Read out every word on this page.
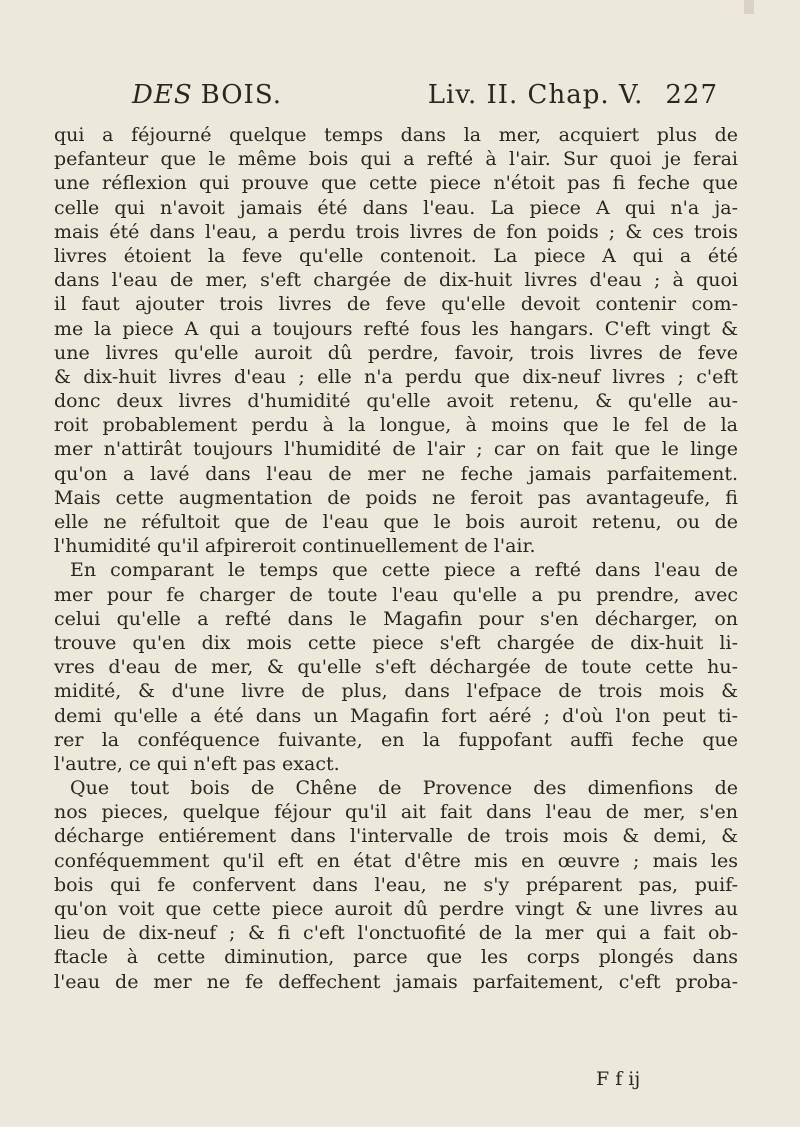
DES BOIS.	Liv. II. Chap. V. 227
qui a féjourné quelque temps dans la mer, acquiert plus de
pefanteur que le même bois qui a refté à l'air. Sur quoi je ferai
une réflexion qui prouve que cette piece n'étoit pas fi feche que
celle qui n'avoit jamais été dans l'eau. La piece A qui n'a ja-
mais été dans l'eau, a perdu trois livres de fon poids ; & ces trois
livres étoient la feve qu'elle contenoit. La piece A qui a été
dans l'eau de mer, s'eft chargée de dix-huit livres d'eau ; à quoi
il faut ajouter trois livres de feve qu'elle devoit contenir com-
me la piece A qui a toujours refté fous les hangars. C'eft vingt &
une livres qu'elle auroit dû perdre, favoir, trois livres de feve
& dix-huit livres d'eau ; elle n'a perdu que dix-neuf livres ; c'eft
donc deux livres d'humidité qu'elle avoit retenu, & qu'elle au-
roit probablement perdu à la longue, à moins que le fel de la
mer n'attirât toujours l'humidité de l'air ; car on fait que le linge
qu'on a lavé dans l'eau de mer ne feche jamais parfaitement.
Mais cette augmentation de poids ne feroit pas avantageufe, fi
elle ne réfultoit que de l'eau que le bois auroit retenu, ou de
l'humidité qu'il afpireroit continuellement de l'air.
En comparant le temps que cette piece a refté dans l'eau de
mer pour fe charger de toute l'eau qu'elle a pu prendre, avec
celui qu'elle a refté dans le Magafin pour s'en décharger, on
trouve qu'en dix mois cette piece s'eft chargée de dix-huit li-
vres d'eau de mer, & qu'elle s'eft déchargée de toute cette hu-
midité, & d'une livre de plus, dans l'efpace de trois mois &
demi qu'elle a été dans un Magafin fort aéré ; d'où l'on peut ti-
rer la conféquence fuivante, en la fuppofant auffi feche que
l'autre, ce qui n'eft pas exact.
Que tout bois de Chêne de Provence des dimenfions de
nos pieces, quelque féjour qu'il ait fait dans l'eau de mer, s'en
décharge entiérement dans l'intervalle de trois mois & demi, &
conféquemment qu'il eft en état d'être mis en œuvre ; mais les
bois qui fe confervent dans l'eau, ne s'y préparent pas, puif-
qu'on voit que cette piece auroit dû perdre vingt & une livres au
lieu de dix-neuf ; & fi c'eft l'onctuofité de la mer qui a fait ob-
ftacle à cette diminution, parce que les corps plongés dans
l'eau de mer ne fe deffechent jamais parfaitement, c'eft proba-
F f ij
